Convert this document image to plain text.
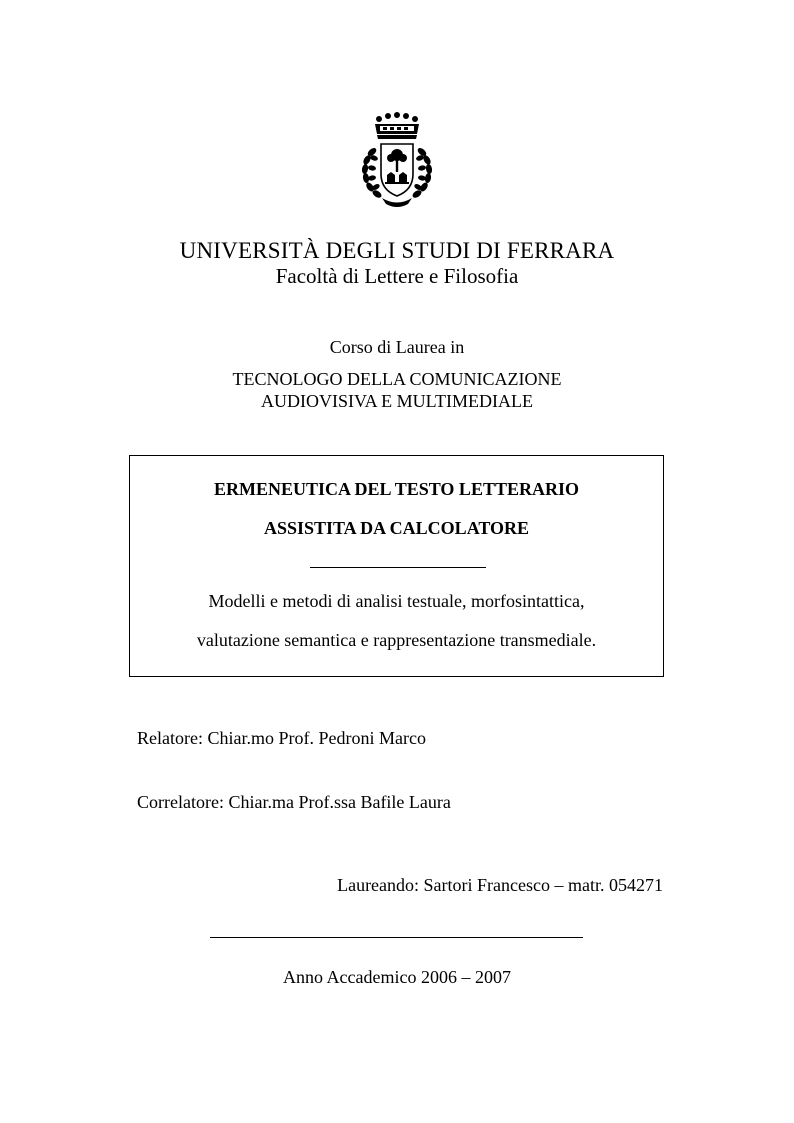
UNIVERSITÀ DEGLI STUDI DI FERRARA
Facoltà di Lettere e Filosofia
Corso di Laurea in
TECNOLOGO DELLA COMUNICAZIONE
AUDIOVISIVA E MULTIMEDIALE
ERMENEUTICA DEL TESTO LETTERARIO
ASSISTITA DA CALCOLATORE
Modelli e metodi di analisi testuale, morfosintattica,
valutazione semantica e rappresentazione transmediale.
Relatore: Chiar.mo Prof. Pedroni Marco
Correlatore: Chiar.ma Prof.ssa Bafile Laura
Laureando: Sartori Francesco – matr. 054271
Anno Accademico 2006 – 2007
